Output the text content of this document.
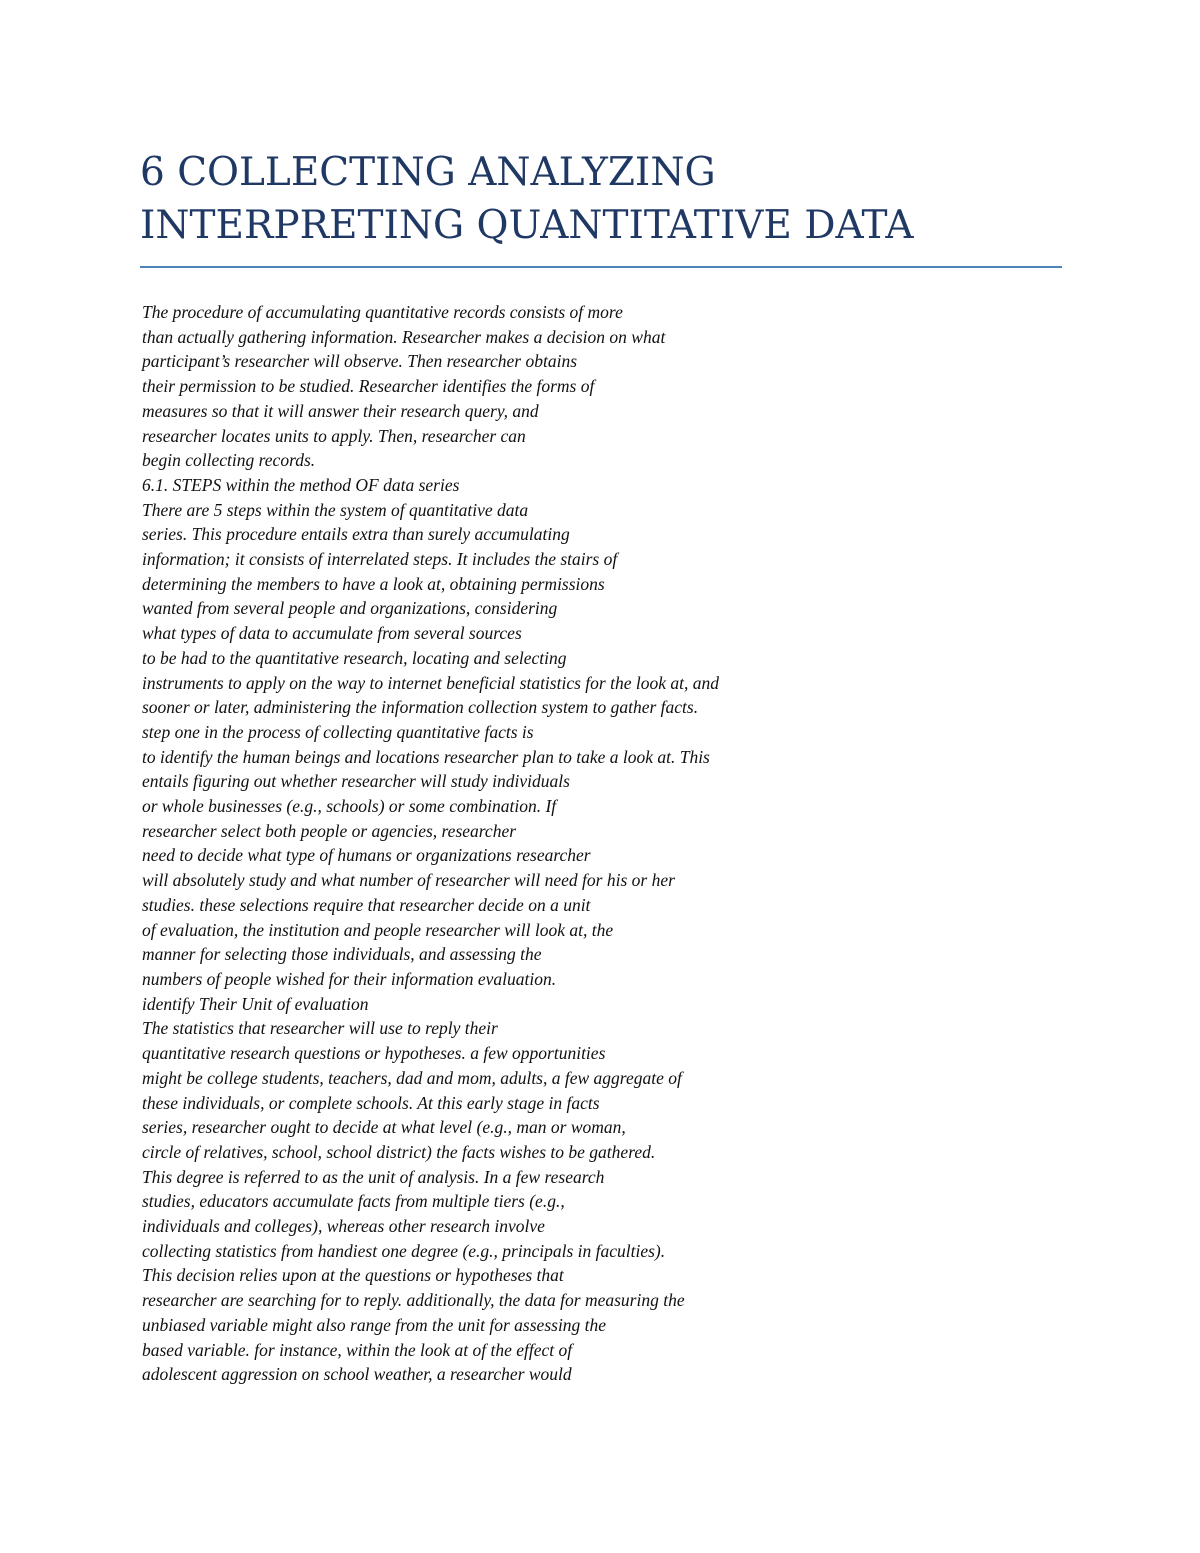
6 COLLECTING ANALYZING
INTERPRETING QUANTITATIVE DATA
The procedure of accumulating quantitative records consists of more
than actually gathering information. Researcher makes a decision on what
participant’s researcher will observe. Then researcher obtains
their permission to be studied. Researcher identifies the forms of
measures so that it will answer their research query, and
researcher locates units to apply. Then, researcher can
begin collecting records.
6.1. STEPS within the method OF data series
There are 5 steps within the system of quantitative data
series. This procedure entails extra than surely accumulating
information; it consists of interrelated steps. It includes the stairs of
determining the members to have a look at, obtaining permissions
wanted from several people and organizations, considering
what types of data to accumulate from several sources
to be had to the quantitative research, locating and selecting
instruments to apply on the way to internet beneficial statistics for the look at, and
sooner or later, administering the information collection system to gather facts.
step one in the process of collecting quantitative facts is
to identify the human beings and locations researcher plan to take a look at. This
entails figuring out whether researcher will study individuals
or whole businesses (e.g., schools) or some combination. If
researcher select both people or agencies, researcher
need to decide what type of humans or organizations researcher
will absolutely study and what number of researcher will need for his or her
studies. these selections require that researcher decide on a unit
of evaluation, the institution and people researcher will look at, the
manner for selecting those individuals, and assessing the
numbers of people wished for their information evaluation.
identify Their Unit of evaluation
The statistics that researcher will use to reply their
quantitative research questions or hypotheses. a few opportunities
might be college students, teachers, dad and mom, adults, a few aggregate of
these individuals, or complete schools. At this early stage in facts
series, researcher ought to decide at what level (e.g., man or woman,
circle of relatives, school, school district) the facts wishes to be gathered.
This degree is referred to as the unit of analysis. In a few research
studies, educators accumulate facts from multiple tiers (e.g.,
individuals and colleges), whereas other research involve
collecting statistics from handiest one degree (e.g., principals in faculties).
This decision relies upon at the questions or hypotheses that
researcher are searching for to reply. additionally, the data for measuring the
unbiased variable might also range from the unit for assessing the
based variable. for instance, within the look at of the effect of
adolescent aggression on school weather, a researcher would
